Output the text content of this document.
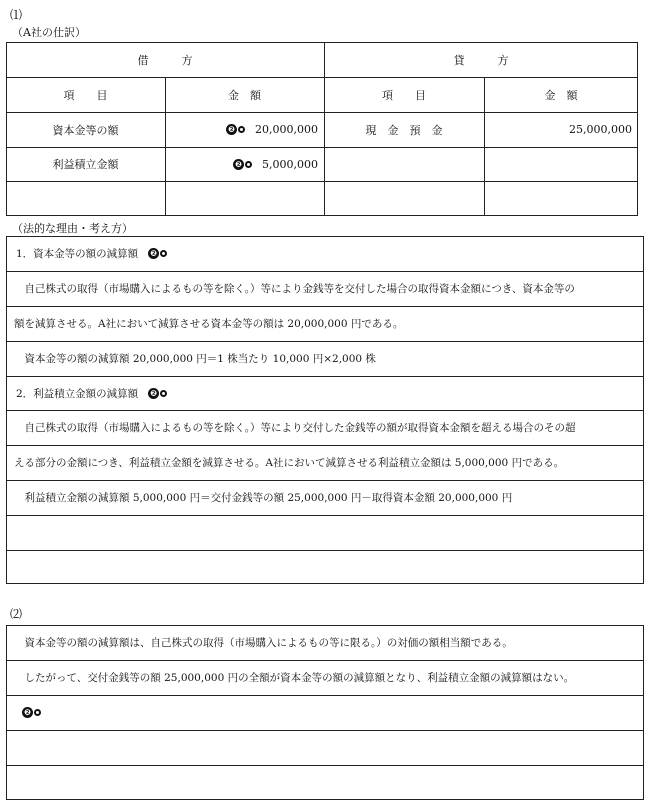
⑴
（A社の仕訳）
借　　　方	貸　　　方
項　　目	金　額	項　　目	金　額
資本金等の額	❷ 20,000,000	現　金　預　金	25,000,000
利益積立金額	❷ 5,000,000
（法的な理由・考え方）
1．資本金等の額の減算額 ❷
　自己株式の取得（市場購入によるもの等を除く。）等により金銭等を交付した場合の取得資本金額につき、資本金等の
額を減算させる。A社において減算させる資本金等の額は 20,000,000 円である。
　資本金等の額の減算額 20,000,000 円＝1 株当たり 10,000 円×2,000 株
2．利益積立金額の減算額 ❷
　自己株式の取得（市場購入によるもの等を除く。）等により交付した金銭等の額が取得資本金額を超える場合のその超
える部分の金額につき、利益積立金額を減算させる。A社において減算させる利益積立金額は 5,000,000 円である。
　利益積立金額の減算額 5,000,000 円＝交付金銭等の額 25,000,000 円－取得資本金額 20,000,000 円
⑵
　資本金等の額の減算額は、自己株式の取得（市場購入によるもの等に限る。）の対価の額相当額である。
　したがって、交付金銭等の額 25,000,000 円の全額が資本金等の額の減算額となり、利益積立金額の減算額はない。
❷
